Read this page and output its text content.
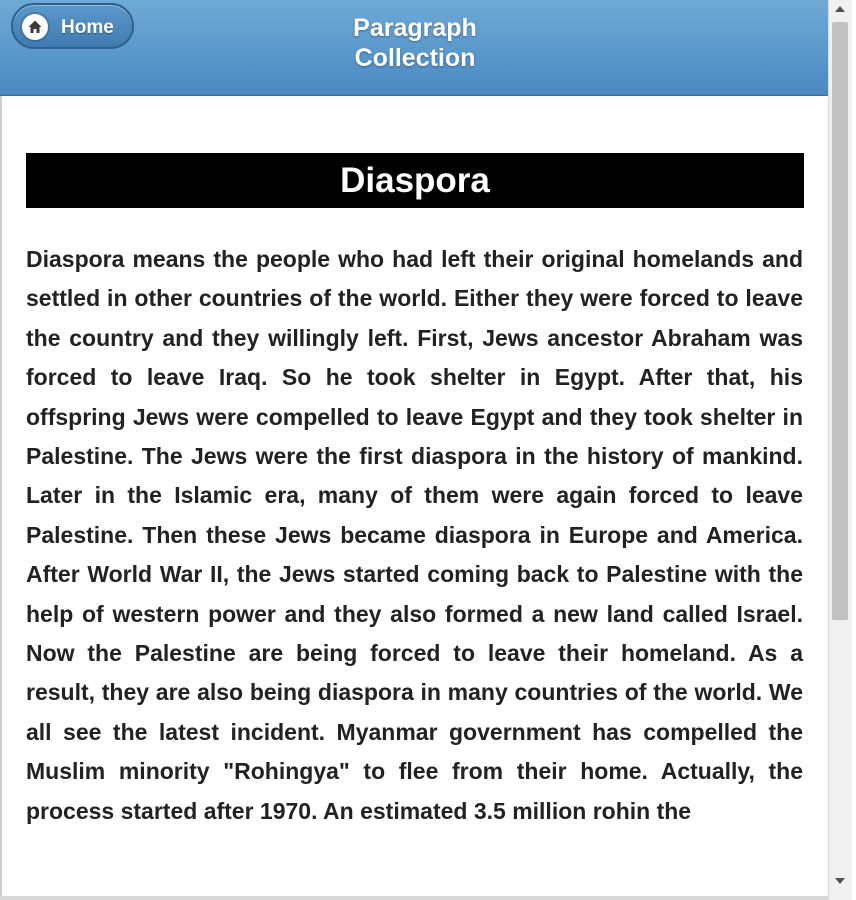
Home	Paragraph
Collection
Diaspora

Diaspora means the people who had left their original homelands and settled in other countries of the world. Either they were forced to leave the country and they willingly left. First, Jews ancestor Abraham was forced to leave Iraq. So he took shelter in Egypt. After that, his offspring Jews were compelled to leave Egypt and they took shelter in Palestine. The Jews were the first diaspora in the history of mankind. Later in the Islamic era, many of them were again forced to leave Palestine. Then these Jews became diaspora in Europe and America. After World War II, the Jews started coming back to Palestine with the help of western power and they also formed a new land called Israel. Now the Palestine are being forced to leave their homeland. As a result, they are also being diaspora in many countries of the world. We all see the latest incident. Myanmar government has compelled the Muslim minority "Rohingya" to flee from their home. Actually, the process started after 1970. An estimated 3.5 million rohin the
